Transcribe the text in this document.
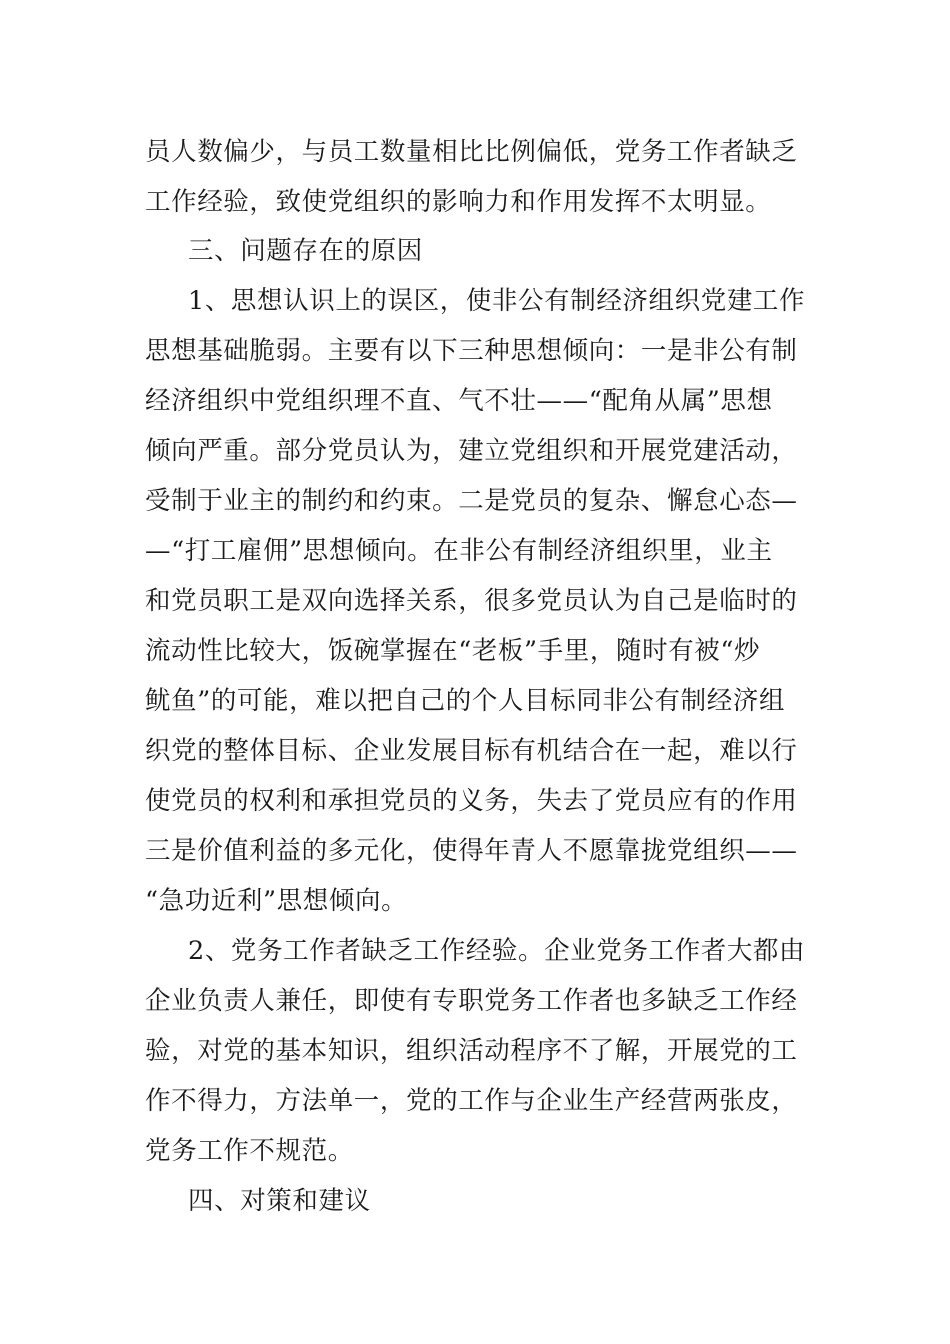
员人数偏少，与员工数量相比比例偏低，党务工作者缺乏
工作经验，致使党组织的影响力和作用发挥不太明显。
三、问题存在的原因
1、思想认识上的误区，使非公有制经济组织党建工作
思想基础脆弱。主要有以下三种思想倾向：一是非公有制
经济组织中党组织理不直、气不壮——“配角从属”思想
倾向严重。部分党员认为，建立党组织和开展党建活动，
受制于业主的制约和约束。二是党员的复杂、懈怠心态—
—“打工雇佣”思想倾向。在非公有制经济组织里，业主
和党员职工是双向选择关系，很多党员认为自己是临时的
流动性比较大，饭碗掌握在“老板”手里，随时有被“炒
鱿鱼”的可能，难以把自己的个人目标同非公有制经济组
织党的整体目标、企业发展目标有机结合在一起，难以行
使党员的权利和承担党员的义务，失去了党员应有的作用
三是价值利益的多元化，使得年青人不愿靠拢党组织——
“急功近利”思想倾向。
2、党务工作者缺乏工作经验。企业党务工作者大都由
企业负责人兼任，即使有专职党务工作者也多缺乏工作经
验，对党的基本知识，组织活动程序不了解，开展党的工
作不得力，方法单一，党的工作与企业生产经营两张皮，
党务工作不规范。
四、对策和建议
